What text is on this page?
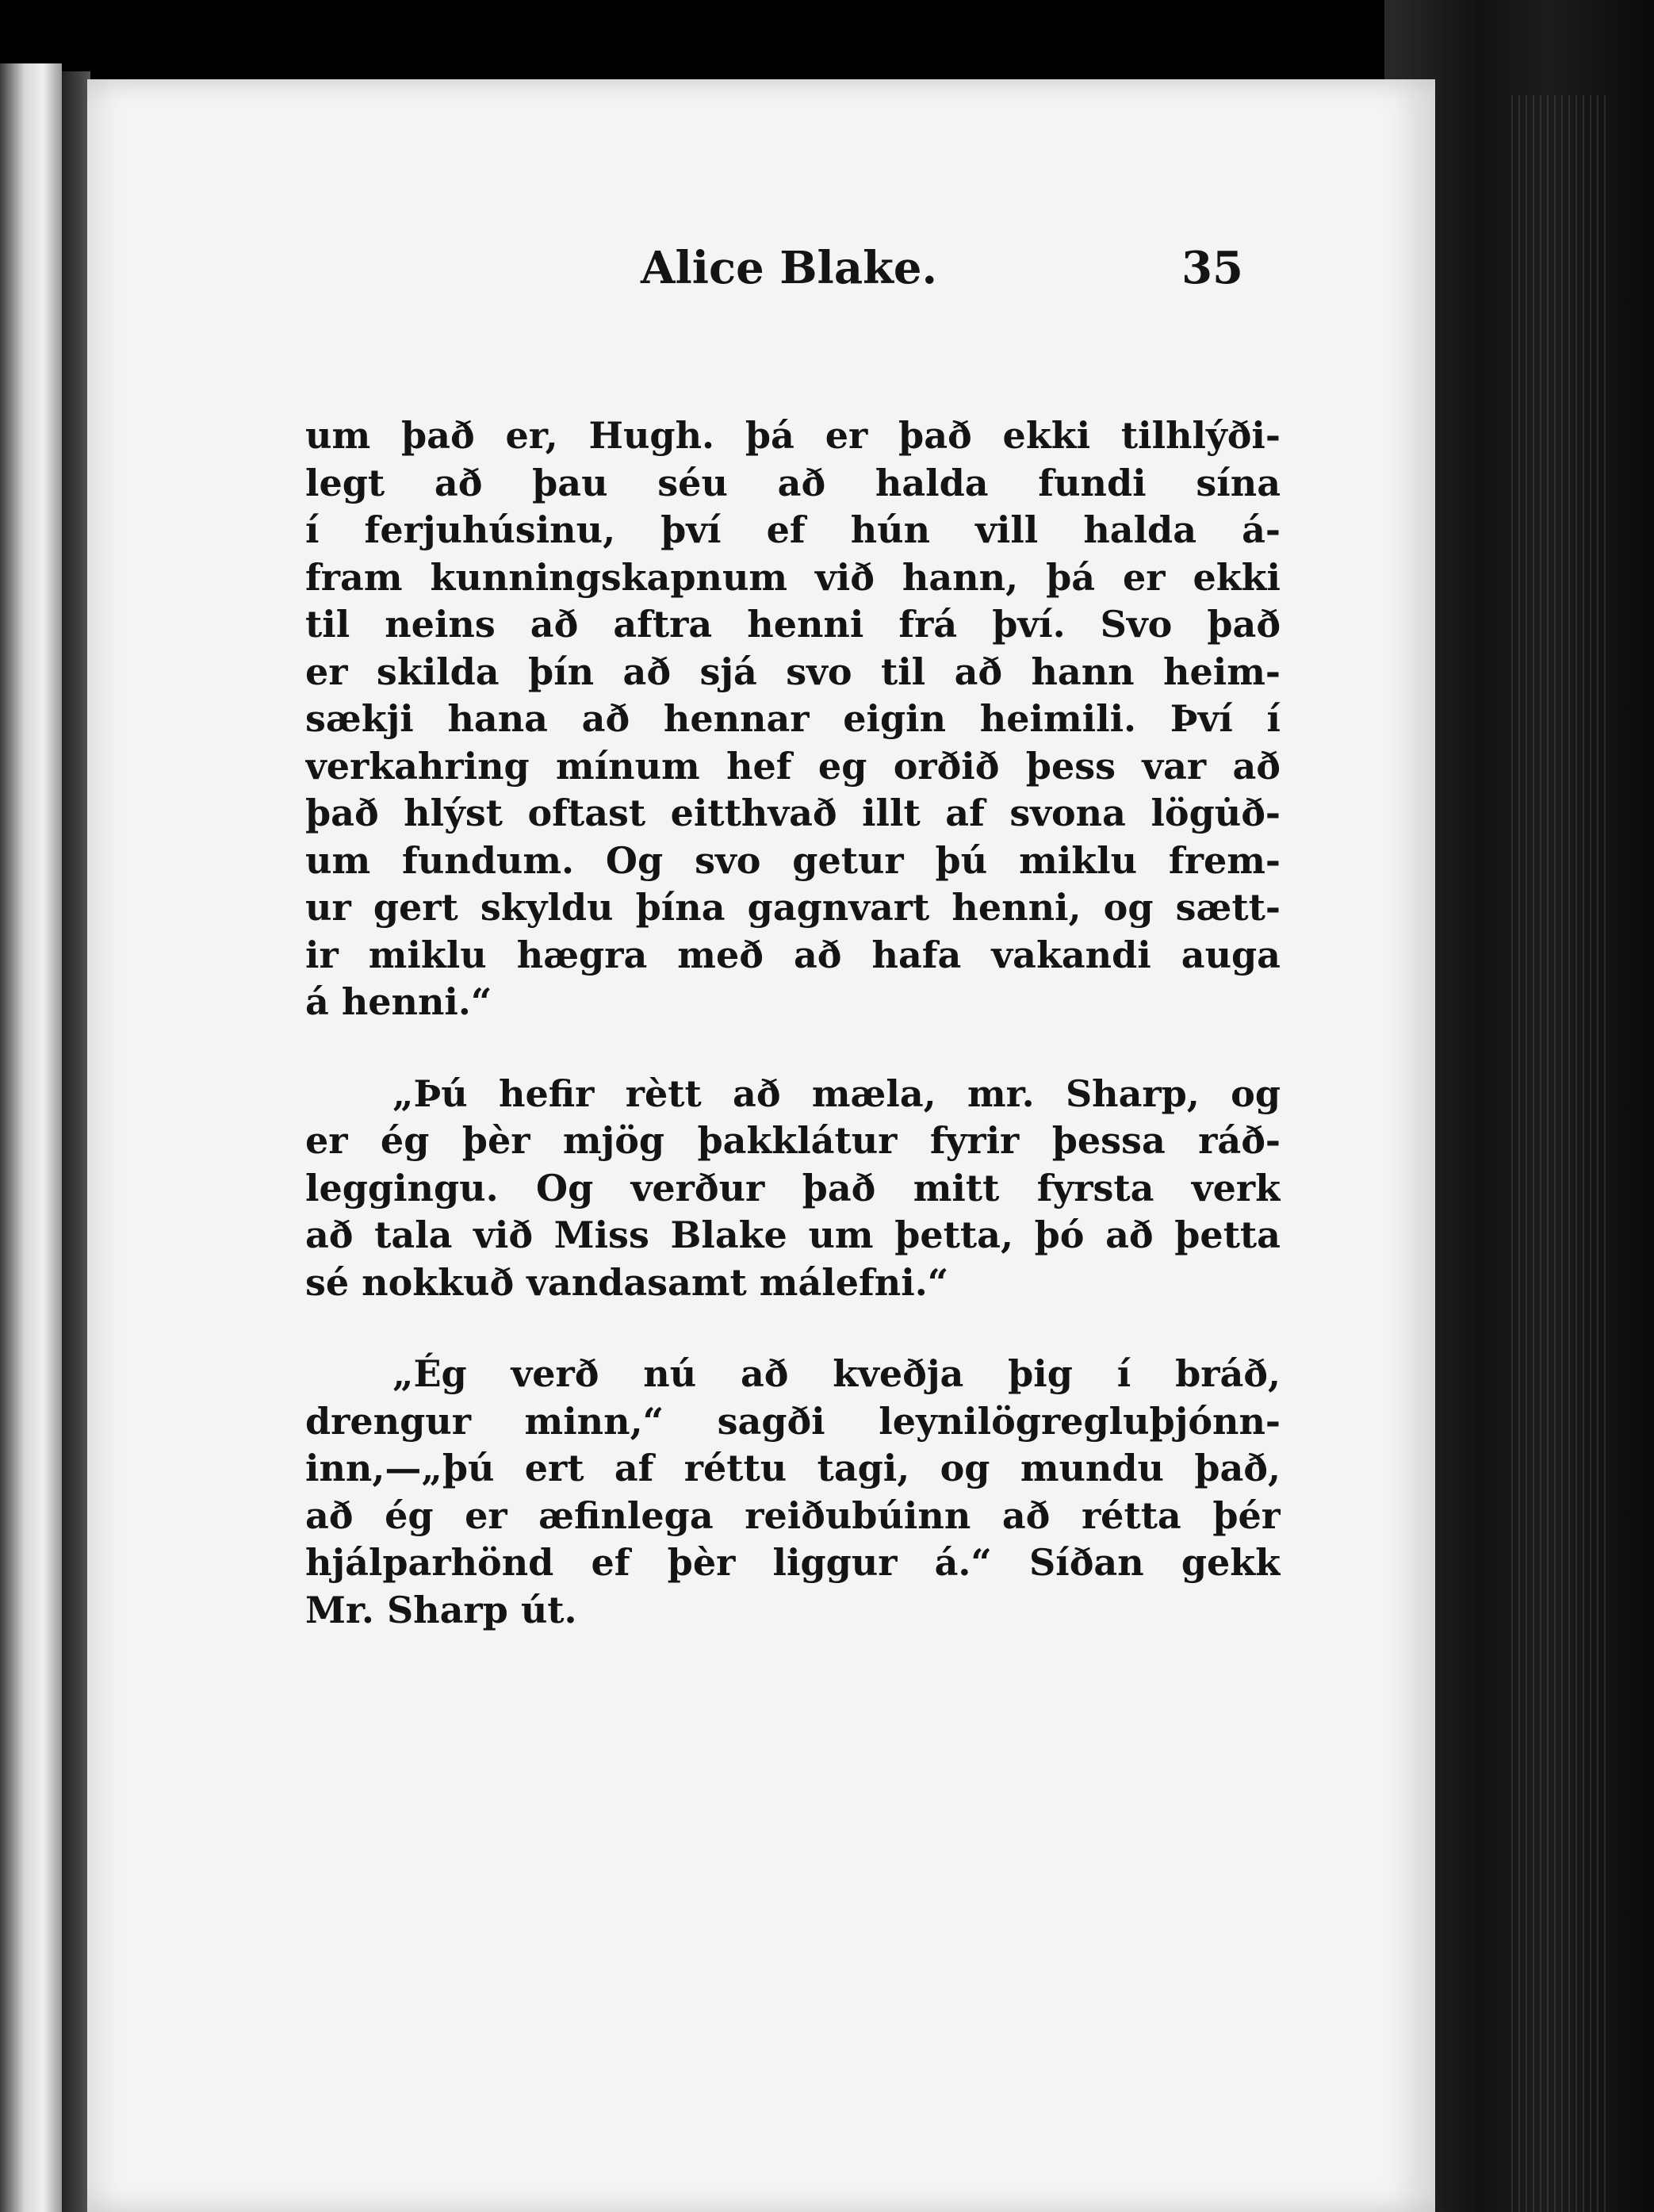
Alice Blake.	35
um það er, Hugh. þá er það ekki tilhlýði-
legt að þau séu að halda fundi sína
í ferjuhúsinu, því ef hún vill halda á-
fram kunningskapnum við hann, þá er ekki
til neins að aftra henni frá því. Svo það
er skilda þín að sjá svo til að hann heim-
sækji hana að hennar eigin heimili. Því í
verkahring mínum hef eg orðið þess var að
það hlýst oftast eitthvað illt af svona lögu̇ð-
um fundum. Og svo getur þú miklu frem-
ur gert skyldu þína gagnvart henni, og sætt-
ir miklu hægra með að hafa vakandi auga
á henni.“
„Þú hefir rètt að mæla, mr. Sharp, og
er ég þèr mjög þakklátur fyrir þessa ráð-
leggingu. Og verður það mitt fyrsta verk
að tala við Miss Blake um þetta, þó að þetta
sé nokkuð vandasamt málefni.“
„Ég verð nú að kveðja þig í bráð,
drengur minn,“ sagði leynilögregluþjónn-
inn,—„þú ert af réttu tagi, og mundu það,
að ég er æfinlega reiðubúinn að rétta þér
hjálparhönd ef þèr liggur á.“ Síðan gekk
Mr. Sharp út.
